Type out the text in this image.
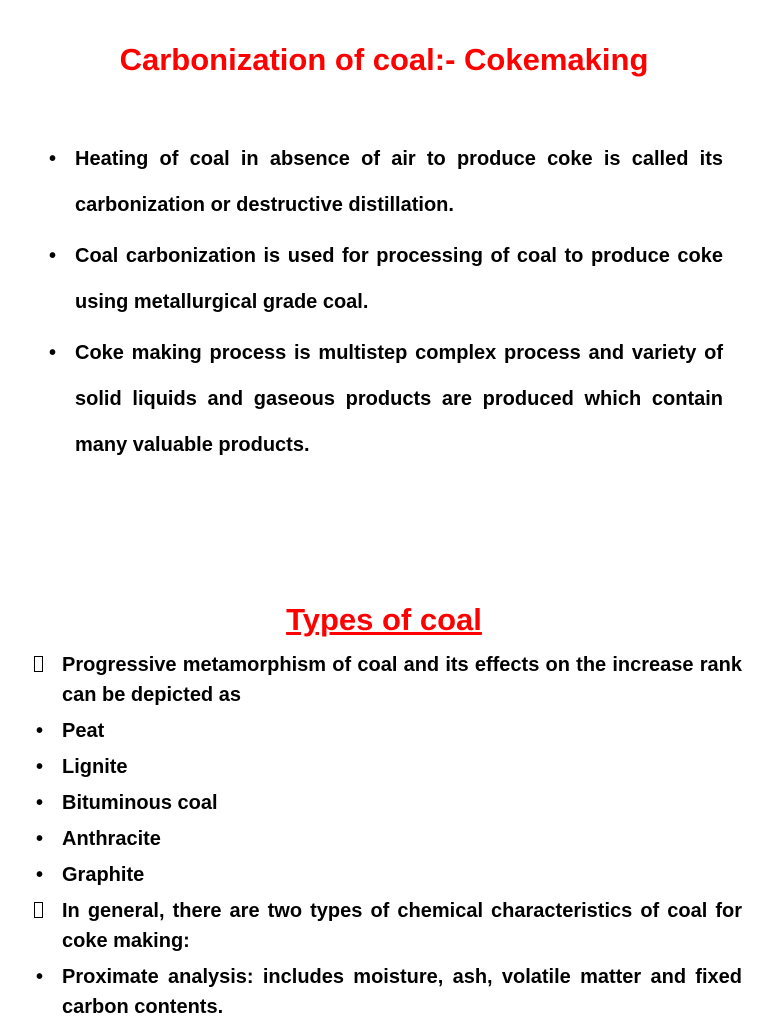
Carbonization of coal:- Cokemaking
• Heating of coal in absence of air to produce coke is called its carbonization or destructive distillation.
• Coal carbonization is used for processing of coal to produce coke using metallurgical grade coal.
• Coke making process is multistep complex process and variety of solid liquids and gaseous products are produced which contain many valuable products.
Types of coal
Progressive metamorphism of coal and its effects on the increase rank can be depicted as
• Peat
• Lignite
• Bituminous coal
• Anthracite
• Graphite
In general, there are two types of chemical characteristics of coal for coke making:
• Proximate analysis: includes moisture, ash, volatile matter and fixed carbon contents.
